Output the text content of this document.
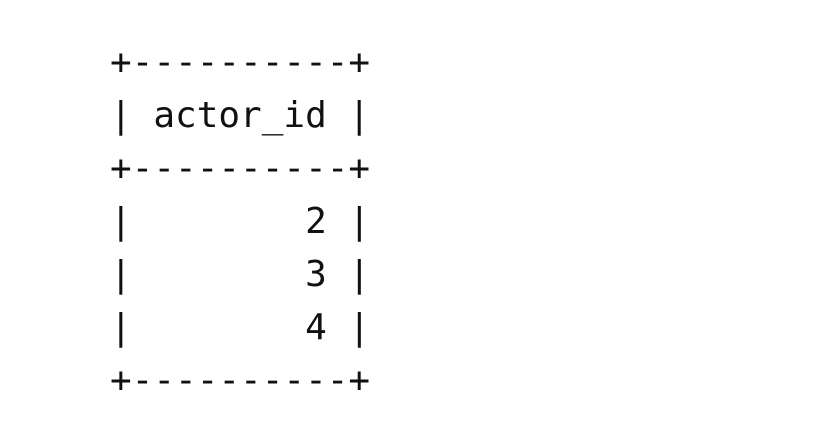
+----------+
| actor_id |
+----------+
|        2 |
|        3 |
|        4 |
+----------+
